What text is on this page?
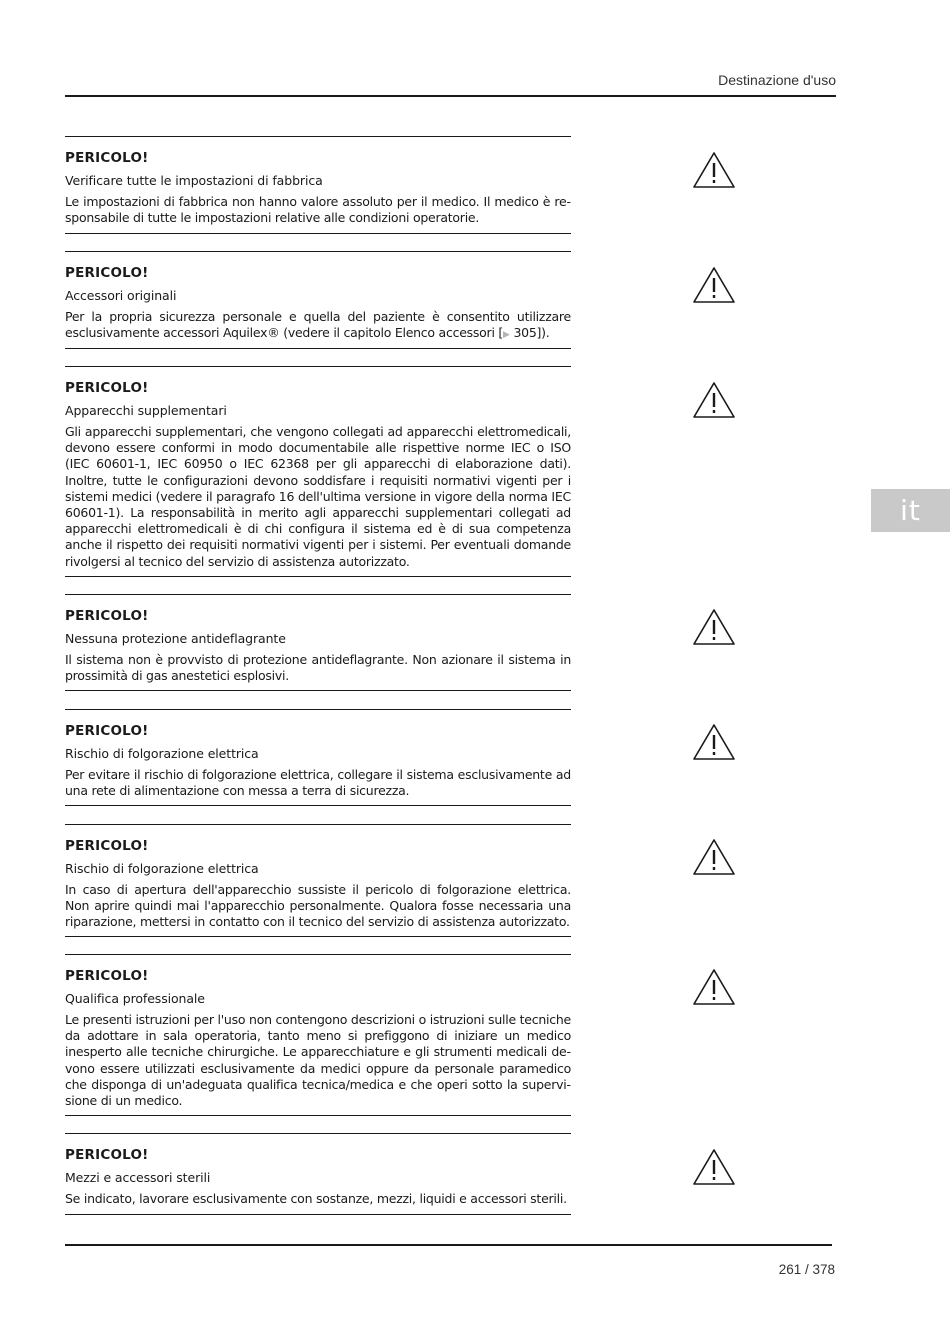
Destinazione d'uso
it
PERICOLO!
Verificare tutte le impostazioni di fabbrica
Le impostazioni di fabbrica non hanno valore assoluto per il medico. Il medico è responsabile di tutte le impostazioni relative alle condizioni operatorie.
PERICOLO!
Accessori originali
Per la propria sicurezza personale e quella del paziente è consentito utilizzare esclusivamente accessori Aquilex® (vedere il capitolo Elenco accessori [▶ 305]).
PERICOLO!
Apparecchi supplementari
Gli apparecchi supplementari, che vengono collegati ad apparecchi elettromedicali, devono essere conformi in modo documentabile alle rispettive norme IEC o ISO (IEC 60601-1, IEC 60950 o IEC 62368 per gli apparecchi di elaborazione dati). Inoltre, tutte le configurazioni devono soddisfare i requisiti normativi vigenti per i sistemi medici (vedere il paragrafo 16 dell'ultima versione in vigore della norma IEC 60601-1). La responsabilità in merito agli apparecchi supplementari collegati ad apparecchi elettromedicali è di chi configura il sistema ed è di sua competenza anche il rispetto dei requisiti normativi vigenti per i sistemi. Per eventuali domande rivolgersi al tecnico del servizio di assistenza autorizzato.
PERICOLO!
Nessuna protezione antideflagrante
Il sistema non è provvisto di protezione antideflagrante. Non azionare il sistema in prossimità di gas anestetici esplosivi.
PERICOLO!
Rischio di folgorazione elettrica
Per evitare il rischio di folgorazione elettrica, collegare il sistema esclusivamente ad una rete di alimentazione con messa a terra di sicurezza.
PERICOLO!
Rischio di folgorazione elettrica
In caso di apertura dell'apparecchio sussiste il pericolo di folgorazione elettrica. Non aprire quindi mai l'apparecchio personalmente. Qualora fosse necessaria una riparazione, mettersi in contatto con il tecnico del servizio di assistenza autorizzato.
PERICOLO!
Qualifica professionale
Le presenti istruzioni per l'uso non contengono descrizioni o istruzioni sulle tecniche da adottare in sala operatoria, tanto meno si prefiggono di iniziare un medico inesperto alle tecniche chirurgiche. Le apparecchiature e gli strumenti medicali devono essere utilizzati esclusivamente da medici oppure da personale paramedico che disponga di un'adeguata qualifica tecnica/medica e che operi sotto la supervisione di un medico.
PERICOLO!
Mezzi e accessori sterili
Se indicato, lavorare esclusivamente con sostanze, mezzi, liquidi e accessori sterili.
261 / 378
